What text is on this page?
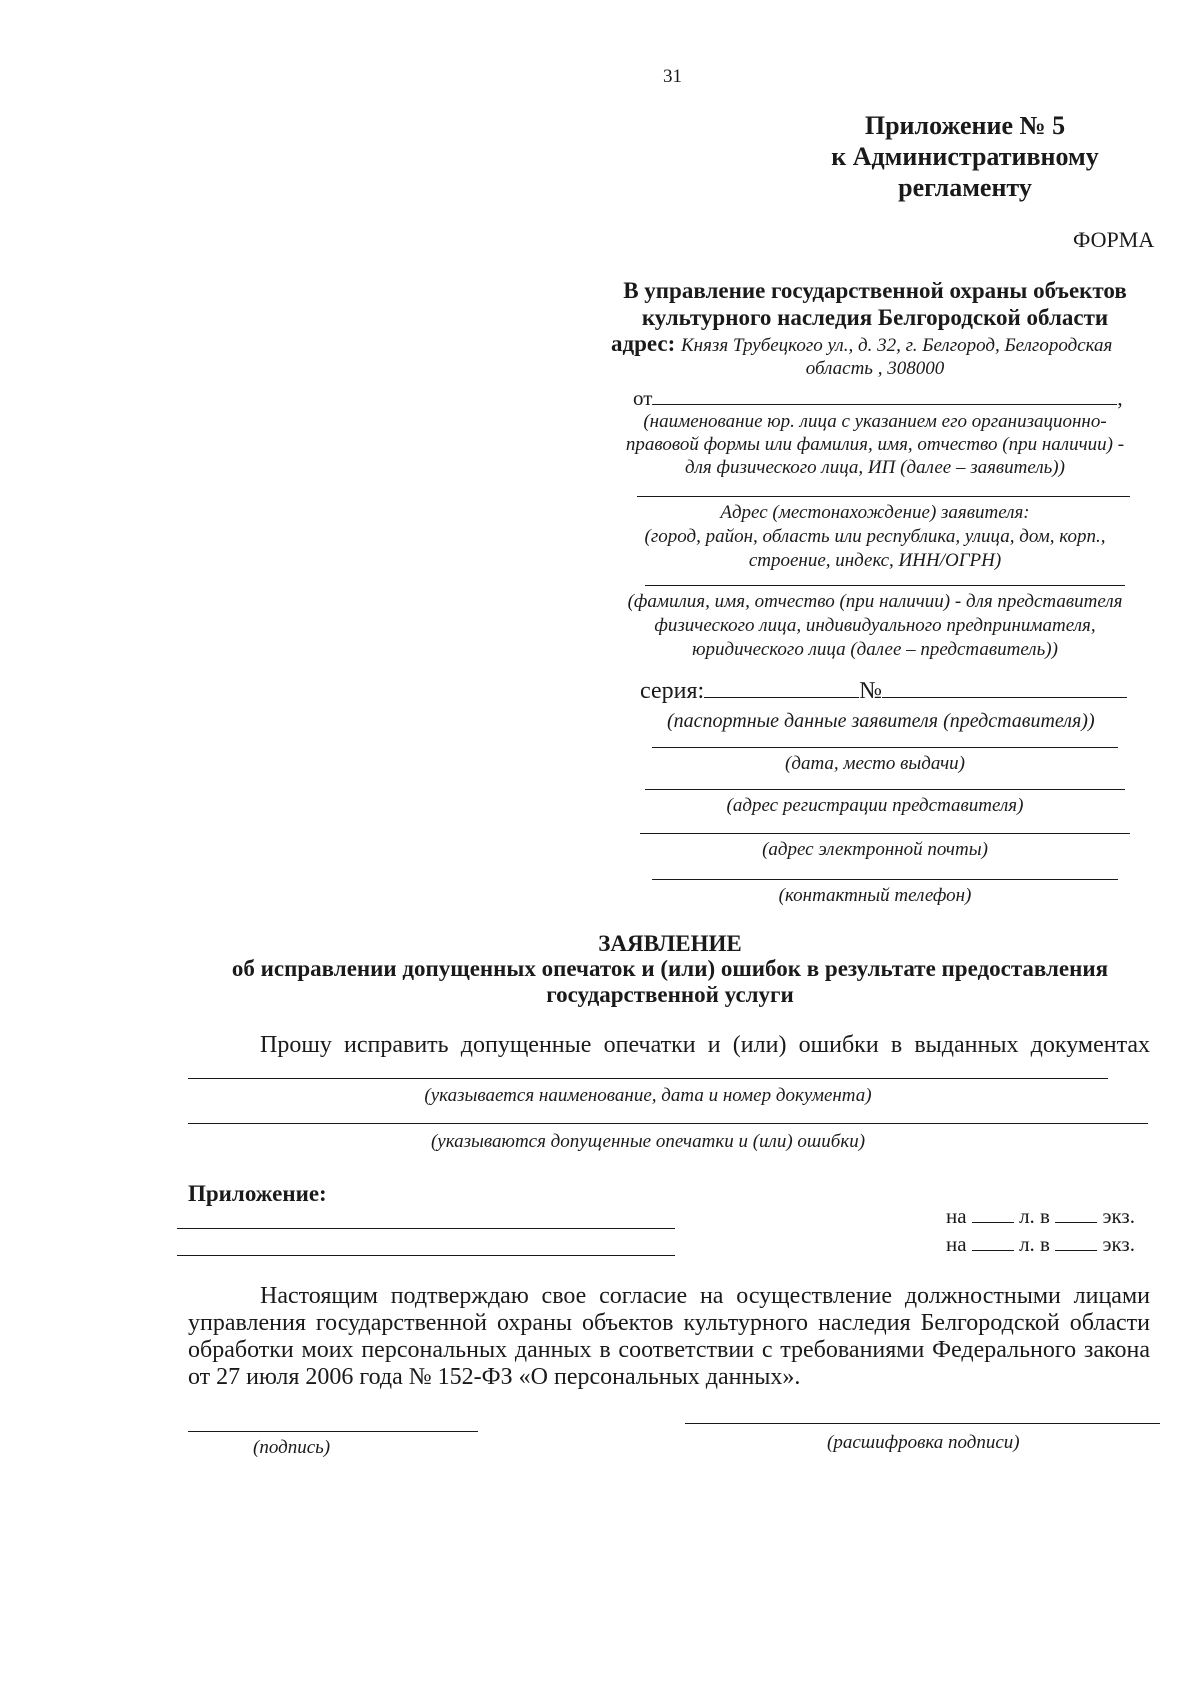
31
Приложение № 5
к Административному
регламенту
ФОРМА
В управление государственной охраны объектов
культурного наследия Белгородской области
адрес: Князя Трубецкого ул., д. 32, г. Белгород, Белгородская
область , 308000
от	,
(наименование юр. лица с указанием его организационно-
правовой формы или фамилия, имя, отчество (при наличии) -
для физического лица, ИП (далее – заявитель))
Адрес (местонахождение) заявителя:
(город, район, область или республика, улица, дом, корп.,
строение, индекс, ИНН/ОГРН)
(фамилия, имя, отчество (при наличии) - для представителя
физического лица, индивидуального предпринимателя,
юридического лица (далее – представитель))
серия:	№
(паспортные данные заявителя (представителя))
(дата, место выдачи)
(адрес регистрации представителя)
(адрес электронной почты)
(контактный телефон)
ЗАЯВЛЕНИЕ
об исправлении допущенных опечаток и (или) ошибок в результате предоставления
государственной услуги
Прошу исправить допущенные опечатки и (или) ошибки в выданных документах
(указывается наименование, дата и номер документа)
(указываются допущенные опечатки и (или) ошибки)
Приложение:
на	л. в	экз.
на	л. в	экз.
Настоящим подтверждаю свое согласие на осуществление должностными лицами
управления государственной охраны объектов культурного наследия Белгородской области
обработки моих персональных данных в соответствии с требованиями Федерального закона
от 27 июля 2006 года № 152-ФЗ «О персональных данных».
(подпись)	(расшифровка подписи)
